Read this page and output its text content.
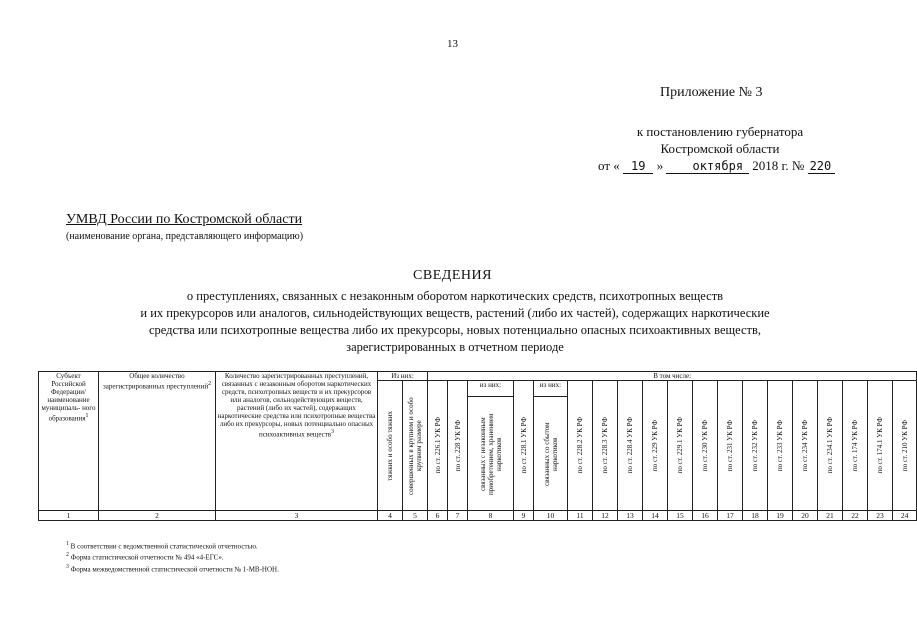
13
Приложение № 3
к постановлению губернатора
Костромской области
от « 19 » октября 2018 г. № 220
УМВД России по Костромской области
(наименование органа, представляющего информацию)
СВЕДЕНИЯ
о преступлениях, связанных с незаконным оборотом наркотических средств, психотропных веществ
и их прекурсоров или аналогов, сильнодействующих веществ, растений (либо их частей), содержащих наркотические
средства или психотропные вещества либо их прекурсоры, новых потенциально опасных психоактивных веществ,
зарегистрированных в отчетном периоде
Субъект Российской Федерации/ наименование муниципаль- ного образования$^1$	Общее количество зарегистрированных преступлений$^2$	Количество зарегистрированных преступлений, связанных с незаконным оборотом наркотических средств, психотропных веществ и их прекурсоров или аналогов, сильнодействующих веществ, растений (либо их частей), содержащих наркотические средства или психотропные вещества либо их прекурсоры, новых потенциально опасных психоактивных веществ$^3$	Из них:		В том числе:																		

			тяжких и особо тяжких	совершенных в крупном и особо крупном размере	по ст. 226.1 УК РФ	по ст. 228 УК РФ	из них:	по ст. 228.1 УК РФ	из них:	по ст. 228.2 УК РФ	по ст. 228.3 УК РФ	по ст. 228.4 УК РФ	по ст. 229 УК РФ	по ст. 229.1 УК РФ	по ст. 230 УК РФ	по ст. 231 УК РФ	по ст. 232 УК РФ	по ст. 233 УК РФ	по ст. 234 УК РФ	по ст. 234.1 УК РФ	по ст. 174 УК РФ	по ст. 174.1 УК РФ	по ст. 210 УК РФ

							связанных с незаконным приобретением, хранением наркотиков		связанных со сбытом наркотиков														

1	2	3	4	5	6	7	8	9	10	11	12	13	14	15	16	17	18	19	20	21	22	23	24
$^1$ В соответствии с ведомственной статистической отчетностью.
$^2$ Форма статистической отчетности № 494 «4-ЕГС».
$^3$ Форма межведомственной статистической отчетности № 1-МВ-НОН.
